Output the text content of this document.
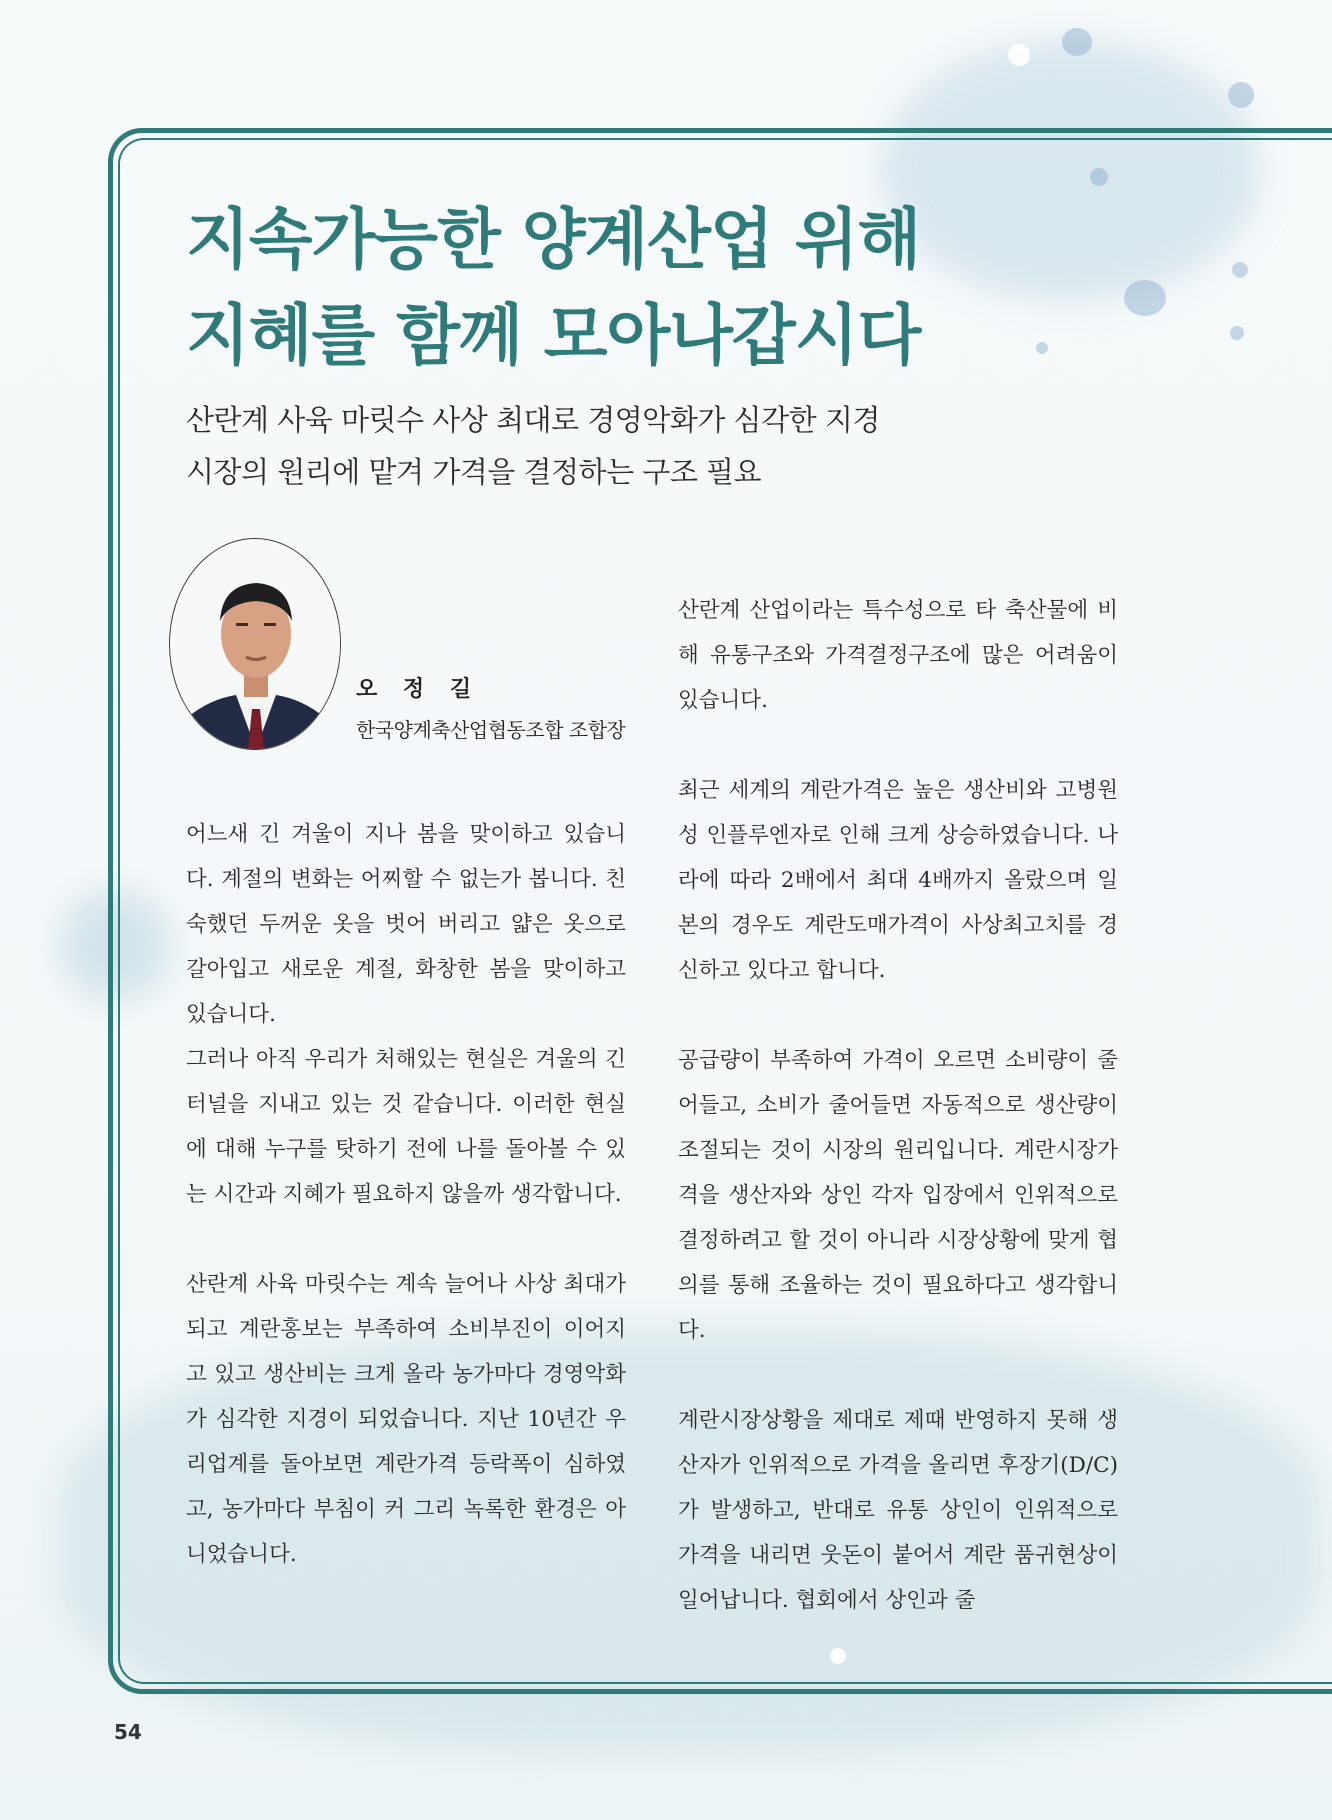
지속가능한 양계산업 위해
지혜를 함께 모아나갑시다
산란계 사육 마릿수 사상 최대로 경영악화가 심각한 지경
시장의 원리에 맡겨 가격을 결정하는 구조 필요
오 정 길
한국양계축산업협동조합 조합장
어느새 긴 겨울이 지나 봄을 맞이하고 있습니다. 계절의 변화는 어찌할 수 없는가 봅니다. 친숙했던 두꺼운 옷을 벗어 버리고 얇은 옷으로 갈아입고 새로운 계절, 화창한 봄을 맞이하고 있습니다.
그러나 아직 우리가 처해있는 현실은 겨울의 긴 터널을 지내고 있는 것 같습니다. 이러한 현실에 대해 누구를 탓하기 전에 나를 돌아볼 수 있는 시간과 지혜가 필요하지 않을까 생각합니다.
산란계 사육 마릿수는 계속 늘어나 사상 최대가 되고 계란홍보는 부족하여 소비부진이 이어지고 있고 생산비는 크게 올라 농가마다 경영악화가 심각한 지경이 되었습니다. 지난 10년간 우리업계를 돌아보면 계란가격 등락폭이 심하였고, 농가마다 부침이 커 그리 녹록한 환경은 아니었습니다.
산란계 산업이라는 특수성으로 타 축산물에 비해 유통구조와 가격결정구조에 많은 어려움이 있습니다.
최근 세계의 계란가격은 높은 생산비와 고병원성 인플루엔자로 인해 크게 상승하였습니다. 나라에 따라 2배에서 최대 4배까지 올랐으며 일본의 경우도 계란도매가격이 사상최고치를 경신하고 있다고 합니다.
공급량이 부족하여 가격이 오르면 소비량이 줄어들고, 소비가 줄어들면 자동적으로 생산량이 조절되는 것이 시장의 원리입니다. 계란시장가격을 생산자와 상인 각자 입장에서 인위적으로 결정하려고 할 것이 아니라 시장상황에 맞게 협의를 통해 조율하는 것이 필요하다고 생각합니다.
계란시장상황을 제대로 제때 반영하지 못해 생산자가 인위적으로 가격을 올리면 후장기(D/C)가 발생하고, 반대로 유통 상인이 인위적으로 가격을 내리면 웃돈이 붙어서 계란 품귀현상이 일어납니다. 협회에서 상인과 줄
54
